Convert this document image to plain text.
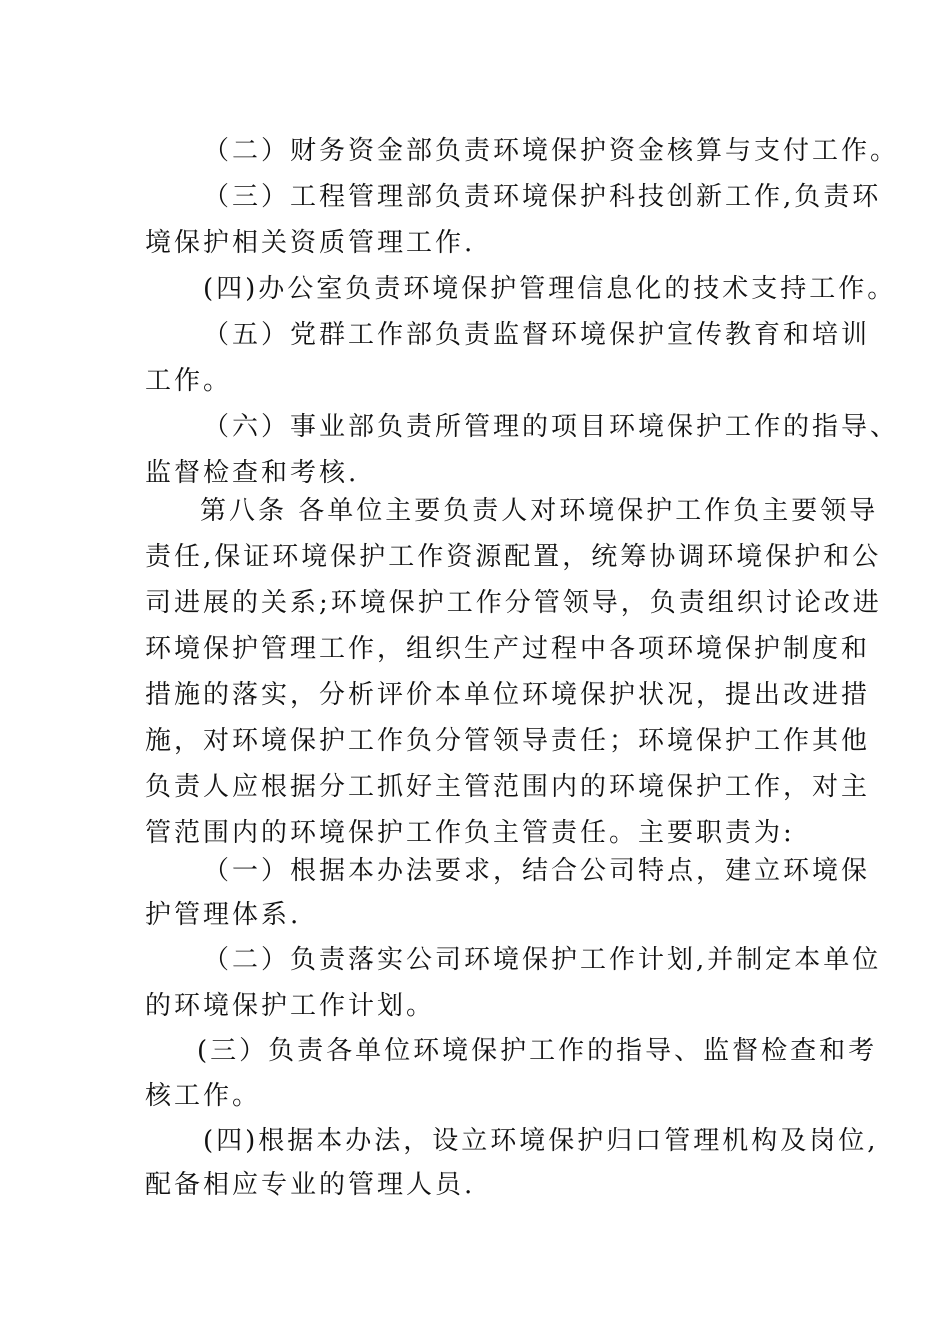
（二）财务资金部负责环境保护资金核算与支付工作。
（三）工程管理部负责环境保护科技创新工作,负责环
境保护相关资质管理工作.
(四)办公室负责环境保护管理信息化的技术支持工作。
（五）党群工作部负责监督环境保护宣传教育和培训
工作。
（六）事业部负责所管理的项目环境保护工作的指导、
监督检查和考核.
第八条 各单位主要负责人对环境保护工作负主要领导
责任,保证环境保护工作资源配置，统筹协调环境保护和公
司进展的关系;环境保护工作分管领导，负责组织讨论改进
环境保护管理工作，组织生产过程中各项环境保护制度和
措施的落实，分析评价本单位环境保护状况，提出改进措
施，对环境保护工作负分管领导责任；环境保护工作其他
负责人应根据分工抓好主管范围内的环境保护工作，对主
管范围内的环境保护工作负主管责任。主要职责为:
（一）根据本办法要求，结合公司特点，建立环境保
护管理体系.
（二）负责落实公司环境保护工作计划,并制定本单位
的环境保护工作计划。
(三）负责各单位环境保护工作的指导、监督检查和考
核工作。
(四)根据本办法，设立环境保护归口管理机构及岗位,
配备相应专业的管理人员.
